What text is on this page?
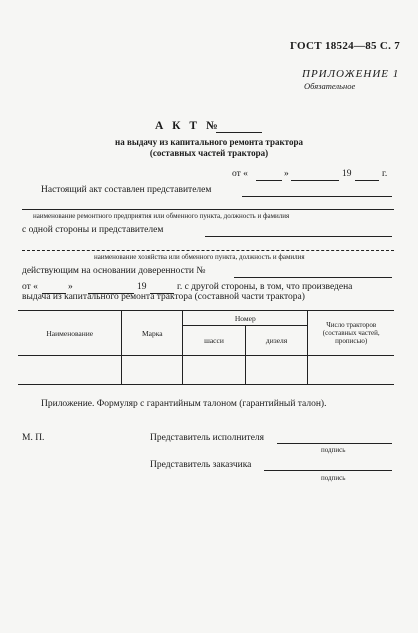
ГОСТ 18524—85 С. 7
ПРИЛОЖЕНИЕ 1
Обязательное
А К Т №
на выдачу из капитального ремонта трактора
(составных частей трактора)
от «	»	19	г.
Настоящий акт составлен представителем
наименование ремонтного предприятия или обменного пункта, должность и фамилия
с одной стороны и представителем
наименование хозяйства или обменного пункта, должность и фамилия
действующим на основании доверенности №
от «	»	19	г. с другой стороны, в том, что произведена
выдача из капитального ремонта трактора (составной части трактора)
Наименование	Марка	Номер		Число тракторов (составных частей, прописью)
		шасси	дизеля	

Приложение. Формуляр с гарантийным талоном (гарантийный талон).
М. П.	Представитель исполнителя
подпись
Представитель заказчика
подпись
